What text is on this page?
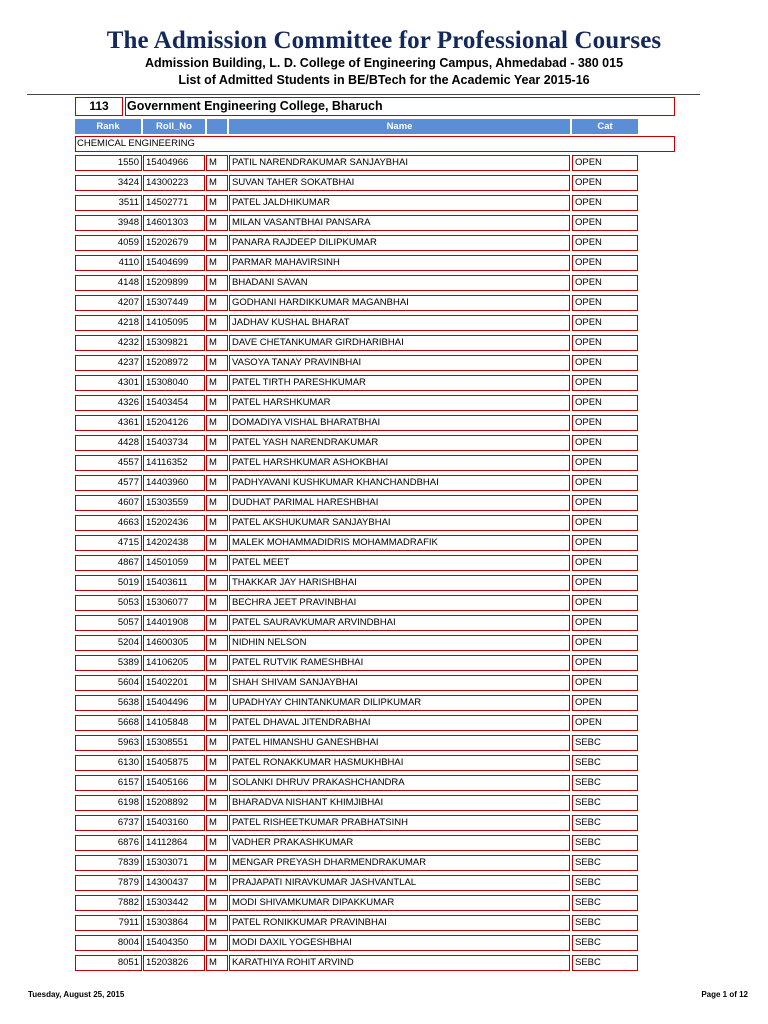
The Admission Committee for Professional Courses
Admission Building, L. D. College of Engineering Campus, Ahmedabad - 380 015
List of Admitted Students in BE/BTech for the Academic Year 2015-16
113	Government Engineering College, Bharuch
Rank	Roll_No	Name	Cat
CHEMICAL ENGINEERING
1550 15404966	M	PATIL NARENDRAKUMAR SANJAYBHAI	OPEN
3424 14300223	M	SUVAN TAHER SOKATBHAI	OPEN
3511 14502771	M	PATEL JALDHIKUMAR	OPEN
3948 14601303	M	MILAN VASANTBHAI PANSARA	OPEN
4059 15202679	M	PANARA RAJDEEP DILIPKUMAR	OPEN
4110 15404699	M	PARMAR MAHAVIRSINH	OPEN
4148 15209899	M	BHADANI SAVAN	OPEN
4207 15307449	M	GODHANI HARDIKKUMAR MAGANBHAI	OPEN
4218 14105095	M	JADHAV KUSHAL BHARAT	OPEN
4232 15309821	M	DAVE CHETANKUMAR GIRDHARIBHAI	OPEN
4237 15208972	M	VASOYA TANAY PRAVINBHAI	OPEN
4301 15308040	M	PATEL TIRTH PARESHKUMAR	OPEN
4326 15403454	M	PATEL HARSHKUMAR	OPEN
4361 15204126	M	DOMADIYA VISHAL BHARATBHAI	OPEN
4428 15403734	M	PATEL YASH NARENDRAKUMAR	OPEN
4557 14116352	M	PATEL HARSHKUMAR ASHOKBHAI	OPEN
4577 14403960	M	PADHYAVANI KUSHKUMAR KHANCHANDBHAI	OPEN
4607 15303559	M	DUDHAT PARIMAL HARESHBHAI	OPEN
4663 15202436	M	PATEL AKSHUKUMAR SANJAYBHAI	OPEN
4715 14202438	M	MALEK MOHAMMADIDRIS MOHAMMADRAFIK	OPEN
4867 14501059	M	PATEL MEET	OPEN
5019 15403611	M	THAKKAR JAY HARISHBHAI	OPEN
5053 15306077	M	BECHRA JEET PRAVINBHAI	OPEN
5057 14401908	M	PATEL SAURAVKUMAR ARVINDBHAI	OPEN
5204 14600305	M	NIDHIN NELSON	OPEN
5389 14106205	M	PATEL RUTVIK RAMESHBHAI	OPEN
5604 15402201	M	SHAH SHIVAM SANJAYBHAI	OPEN
5638 15404496	M	UPADHYAY CHINTANKUMAR DILIPKUMAR	OPEN
5668 14105848	M	PATEL DHAVAL JITENDRABHAI	OPEN
5963 15308551	M	PATEL HIMANSHU GANESHBHAI	SEBC
6130 15405875	M	PATEL RONAKKUMAR HASMUKHBHAI	SEBC
6157 15405166	M	SOLANKI DHRUV PRAKASHCHANDRA	SEBC
6198 15208892	M	BHARADVA NISHANT KHIMJIBHAI	SEBC
6737 15403160	M	PATEL RISHEETKUMAR PRABHATSINH	SEBC
6876 14112864	M	VADHER PRAKASHKUMAR	SEBC
7839 15303071	M	MENGAR PREYASH DHARMENDRAKUMAR	SEBC
7879 14300437	M	PRAJAPATI NIRAVKUMAR JASHVANTLAL	SEBC
7882 15303442	M	MODI SHIVAMKUMAR DIPAKKUMAR	SEBC
7911 15303864	M	PATEL RONIKKUMAR PRAVINBHAI	SEBC
8004 15404350	M	MODI DAXIL YOGESHBHAI	SEBC
8051 15203826	M	KARATHIYA ROHIT ARVIND	SEBC
Tuesday, August 25, 2015	Page 1 of 12
